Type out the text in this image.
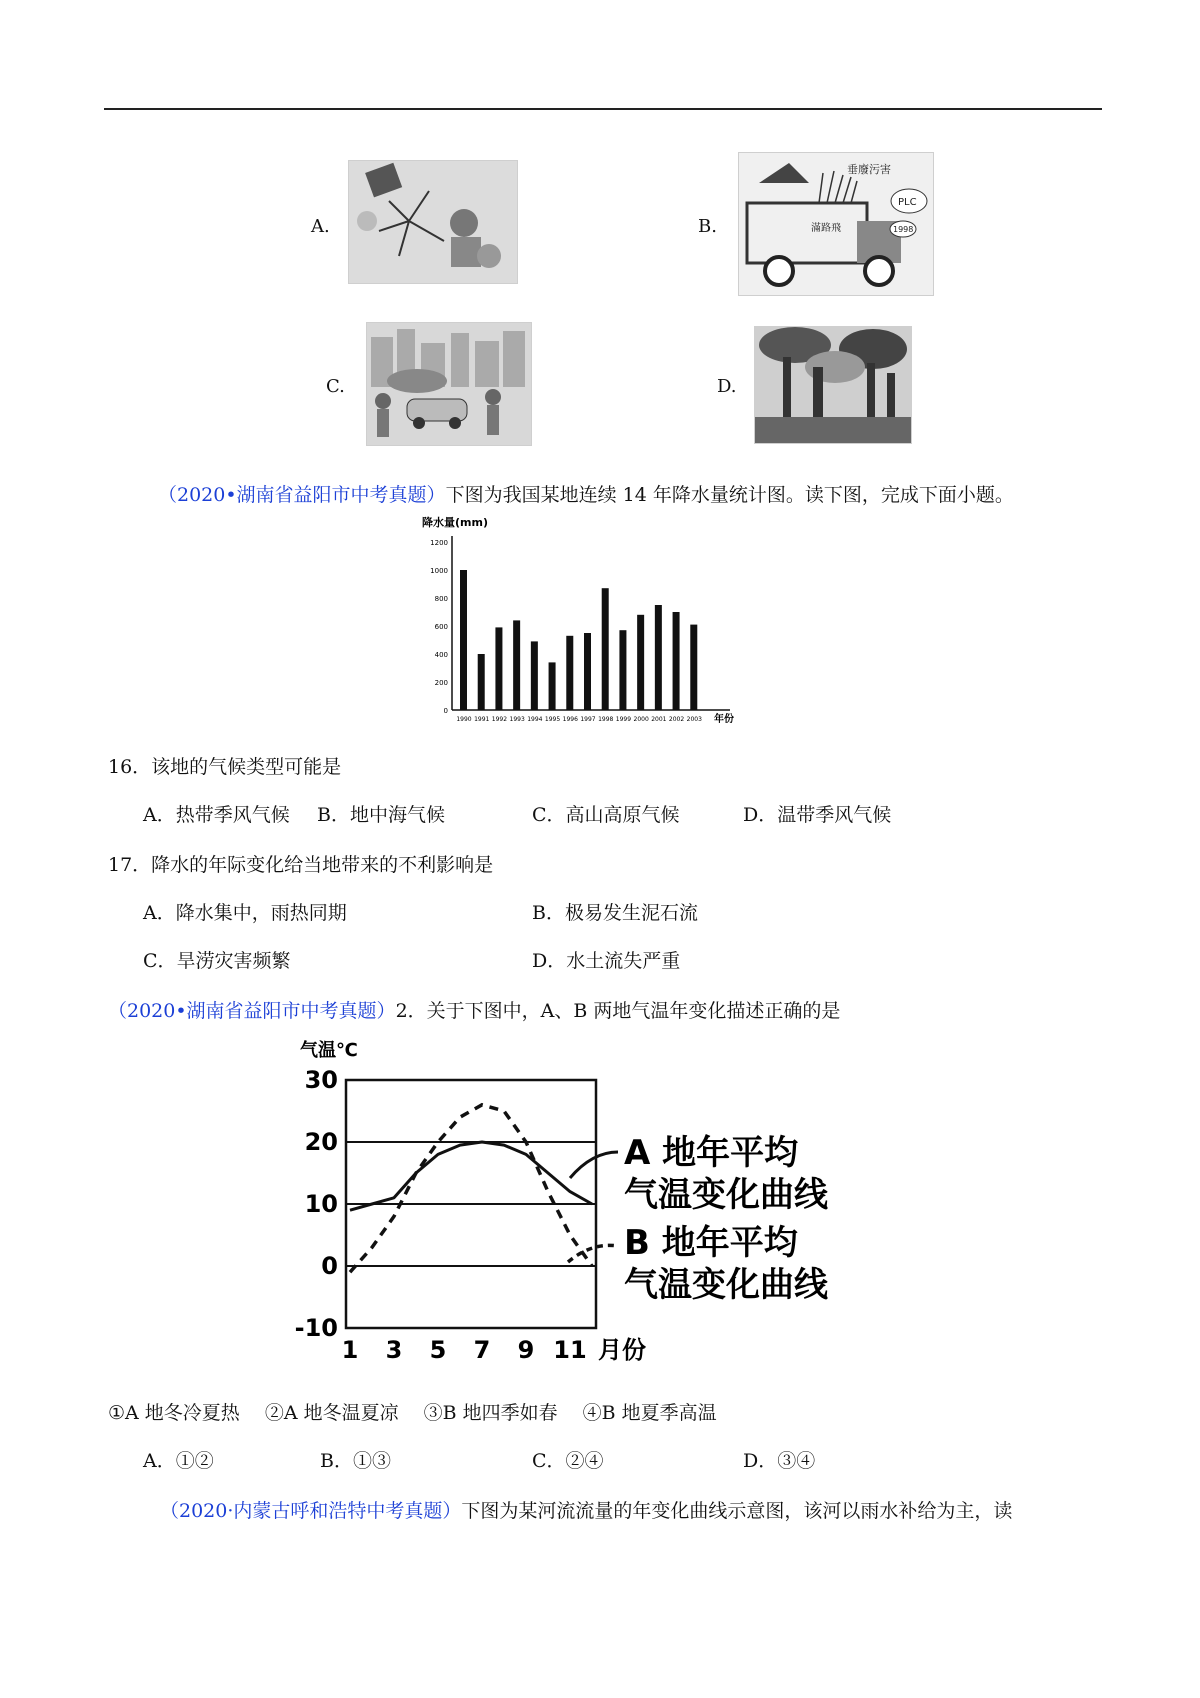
A.	B.
垂廢污害
滿路飛
PLC
1998
C.	D.
（2020•湖南省益阳市中考真题）下图为我国某地连续 14 年降水量统计图。读下图，完成下面小题。
降水量(mm)
0
200
400
600
800
1000
1200
1990 1991 1992 1993 1994 1995 1996 1997 1998 1999 2000 2001 2002 2003 年份
16．该地的气候类型可能是
A．热带季风气候 B．地中海气候	C．高山高原气候	D．温带季风气候
17．降水的年际变化给当地带来的不利影响是
A．降水集中，雨热同期	B．极易发生泥石流
C．旱涝灾害频繁	D．水土流失严重
（2020•湖南省益阳市中考真题）2．关于下图中，A、B 两地气温年变化描述正确的是
气温℃
30
20
10
0
-10
1 3 5 7 9 11 月份
A 地年平均
气温变化曲线
B 地年平均
气温变化曲线
①A 地冬冷夏热　 ②A 地冬温夏凉　 ③B 地四季如春　 ④B 地夏季高温
A．①②	B．①③	C．②④	D．③④
（2020·内蒙古呼和浩特中考真题）下图为某河流流量的年变化曲线示意图，该河以雨水补给为主，读
